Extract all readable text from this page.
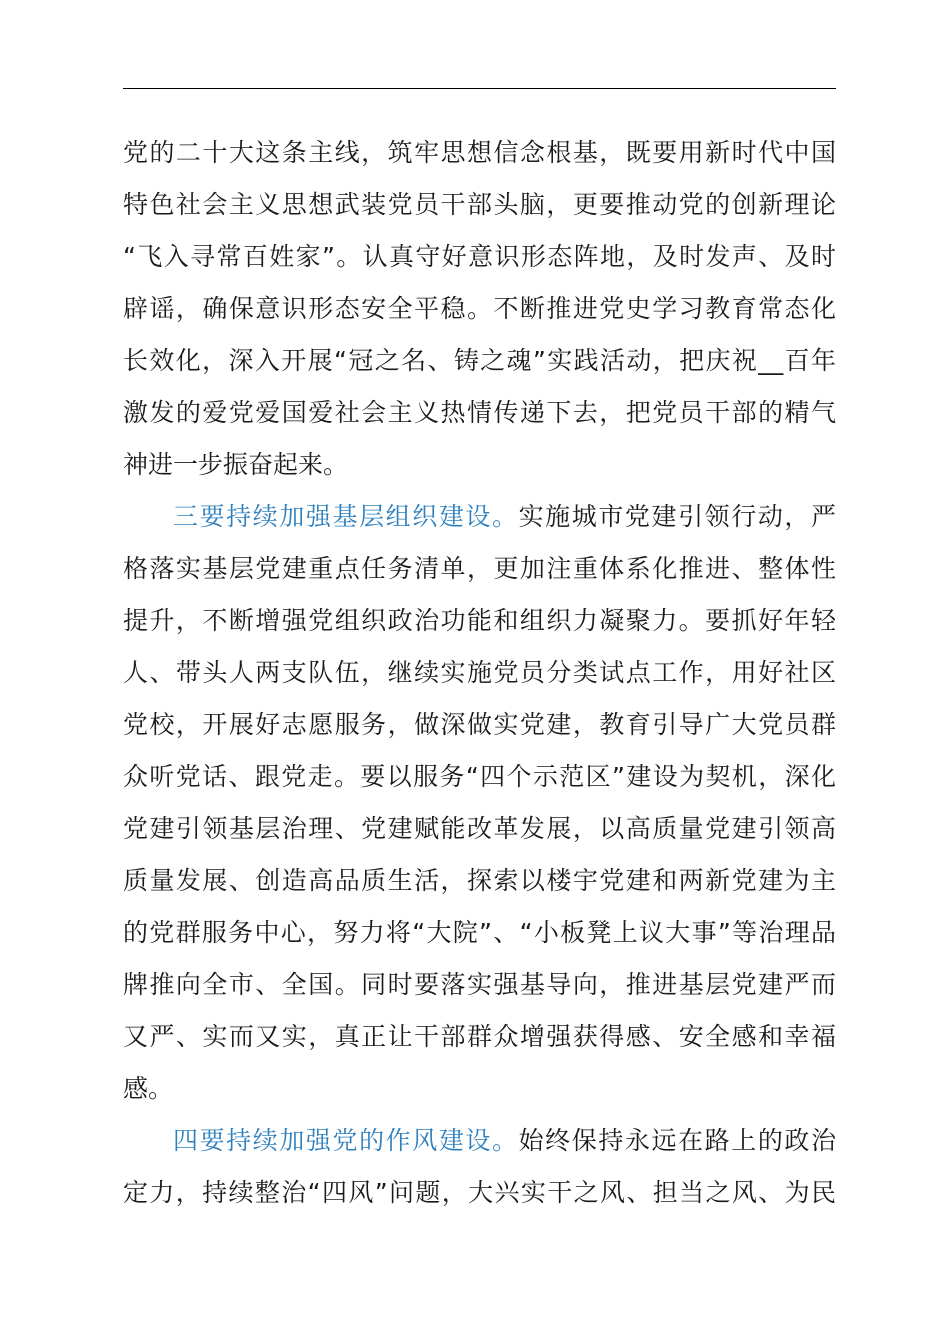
党的二十大这条主线，筑牢思想信念根基，既要用新时代中国
特色社会主义思想武装党员干部头脑，更要推动党的创新理论
“飞入寻常百姓家”。认真守好意识形态阵地，及时发声、及时
辟谣，确保意识形态安全平稳。不断推进党史学习教育常态化
长效化，深入开展“冠之名、铸之魂”实践活动，把庆祝__百年
激发的爱党爱国爱社会主义热情传递下去，把党员干部的精气
神进一步振奋起来。
三要持续加强基层组织建设。实施城市党建引领行动，严
格落实基层党建重点任务清单，更加注重体系化推进、整体性
提升，不断增强党组织政治功能和组织力凝聚力。要抓好年轻
人、带头人两支队伍，继续实施党员分类试点工作，用好社区
党校，开展好志愿服务，做深做实党建，教育引导广大党员群
众听党话、跟党走。要以服务“四个示范区”建设为契机，深化
党建引领基层治理、党建赋能改革发展，以高质量党建引领高
质量发展、创造高品质生活，探索以楼宇党建和两新党建为主
的党群服务中心，努力将“大院”、“小板凳上议大事”等治理品
牌推向全市、全国。同时要落实强基导向，推进基层党建严而
又严、实而又实，真正让干部群众增强获得感、安全感和幸福
感。
四要持续加强党的作风建设。始终保持永远在路上的政治
定力，持续整治“四风”问题，大兴实干之风、担当之风、为民
